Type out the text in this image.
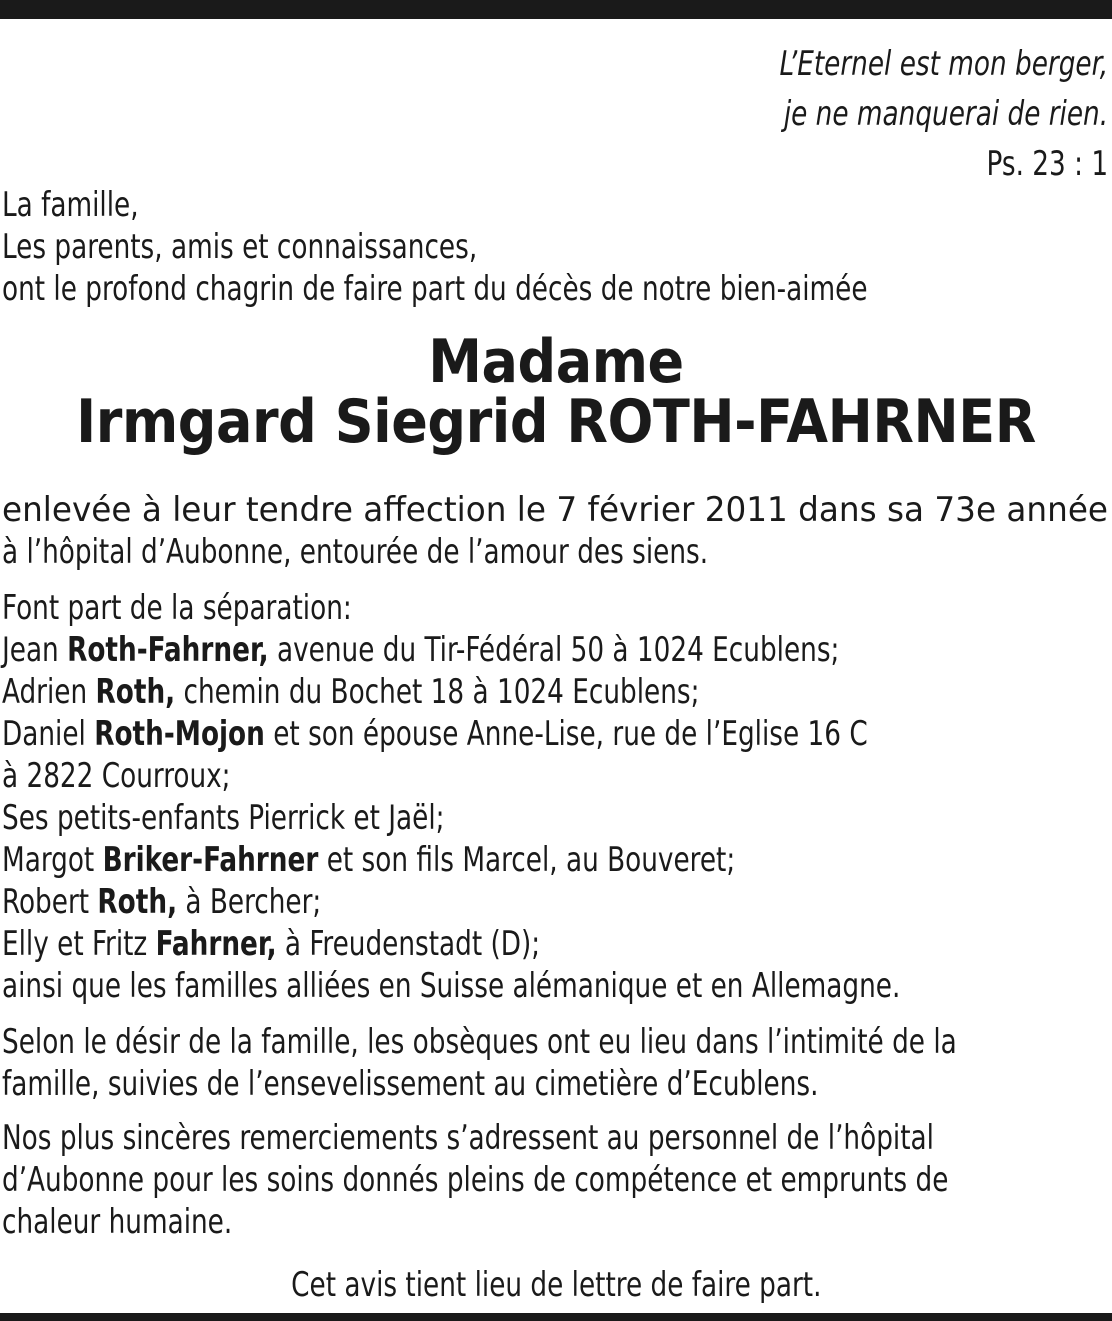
L’Eternel est mon berger,
je ne manquerai de rien.
Ps. 23 : 1
La famille,
Les parents, amis et connaissances,
ont le profond chagrin de faire part du décès de notre bien-aimée
Madame
Irmgard Siegrid ROTH-FAHRNER
enlevée à leur tendre affection le 7 février 2011 dans sa 73e année
à l’hôpital d’Aubonne, entourée de l’amour des siens.
Font part de la séparation:
Jean Roth-Fahrner, avenue du Tir-Fédéral 50 à 1024 Ecublens;
Adrien Roth, chemin du Bochet 18 à 1024 Ecublens;
Daniel Roth-Mojon et son épouse Anne-Lise, rue de l’Eglise 16 C
à 2822 Courroux;
Ses petits-enfants Pierrick et Jaël;
Margot Briker-Fahrner et son fils Marcel, au Bouveret;
Robert Roth, à Bercher;
Elly et Fritz Fahrner, à Freudenstadt (D);
ainsi que les familles alliées en Suisse alémanique et en Allemagne.
Selon le désir de la famille, les obsèques ont eu lieu dans l’intimité de la
famille, suivies de l’ensevelissement au cimetière d’Ecublens.
Nos plus sincères remerciements s’adressent au personnel de l’hôpital
d’Aubonne pour les soins donnés pleins de compétence et emprunts de
chaleur humaine.
Cet avis tient lieu de lettre de faire part.
